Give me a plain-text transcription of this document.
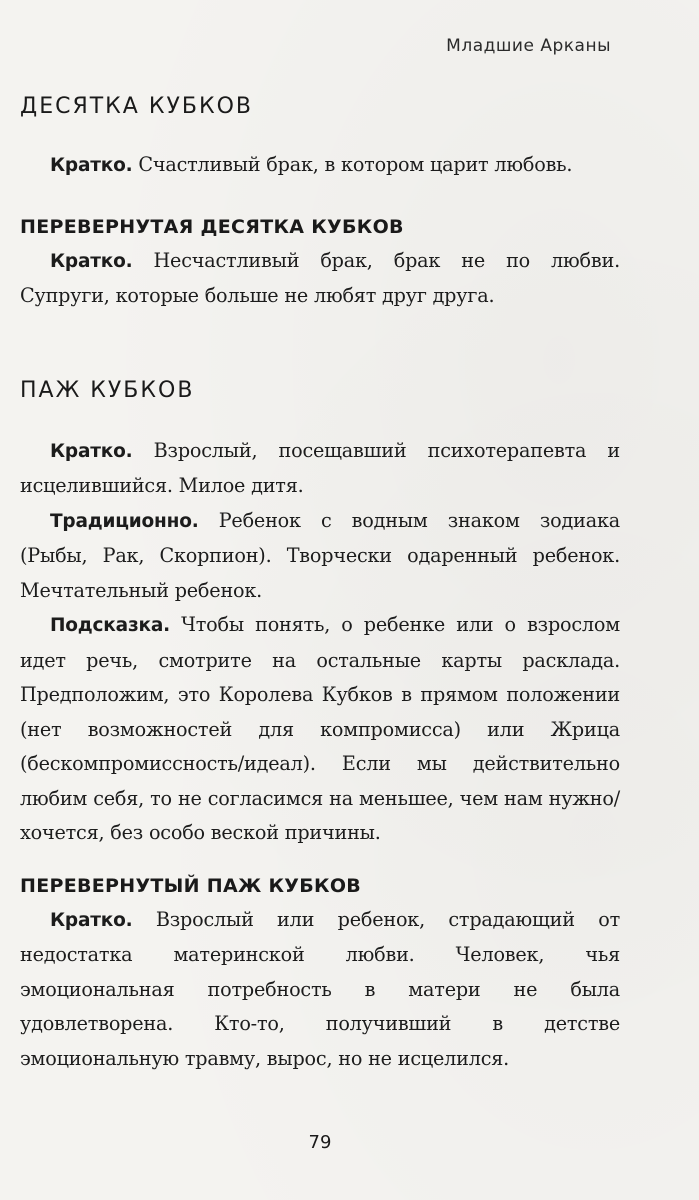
Младшие Арканы
ДЕСЯТКА КУБКОВ

Кратко. Счастливый брак, в котором царит любовь.

ПЕРЕВЕРНУТАЯ ДЕСЯТКА КУБКОВ

Кратко. Несчастливый брак, брак не по любви. Супруги, которые больше не любят друг друга.

ПАЖ КУБКОВ

Кратко. Взрослый, посещавший психотерапевта и исцелившийся. Милое дитя.

Традиционно. Ребенок с водным знаком зодиака (Рыбы, Рак, Скорпион). Творчески одаренный ребенок. Мечтательный ребенок.

Подсказка. Чтобы понять, о ребенке или о взрослом идет речь, смотрите на остальные карты расклада. Предположим, это Королева Кубков в прямом положении (нет возможностей для компромисса) или Жрица (бескомпромиссность/идеал). Если мы действительно любим себя, то не согласимся на меньшее, чем нам нужно/хочется, без особо веской причины.

ПЕРЕВЕРНУТЫЙ ПАЖ КУБКОВ

Кратко. Взрослый или ребенок, страдающий от недостатка материнской любви. Человек, чья эмоциональная потребность в матери не была удовлетворена. Кто-то, получивший в детстве эмоциональную травму, вырос, но не исцелился.

79
